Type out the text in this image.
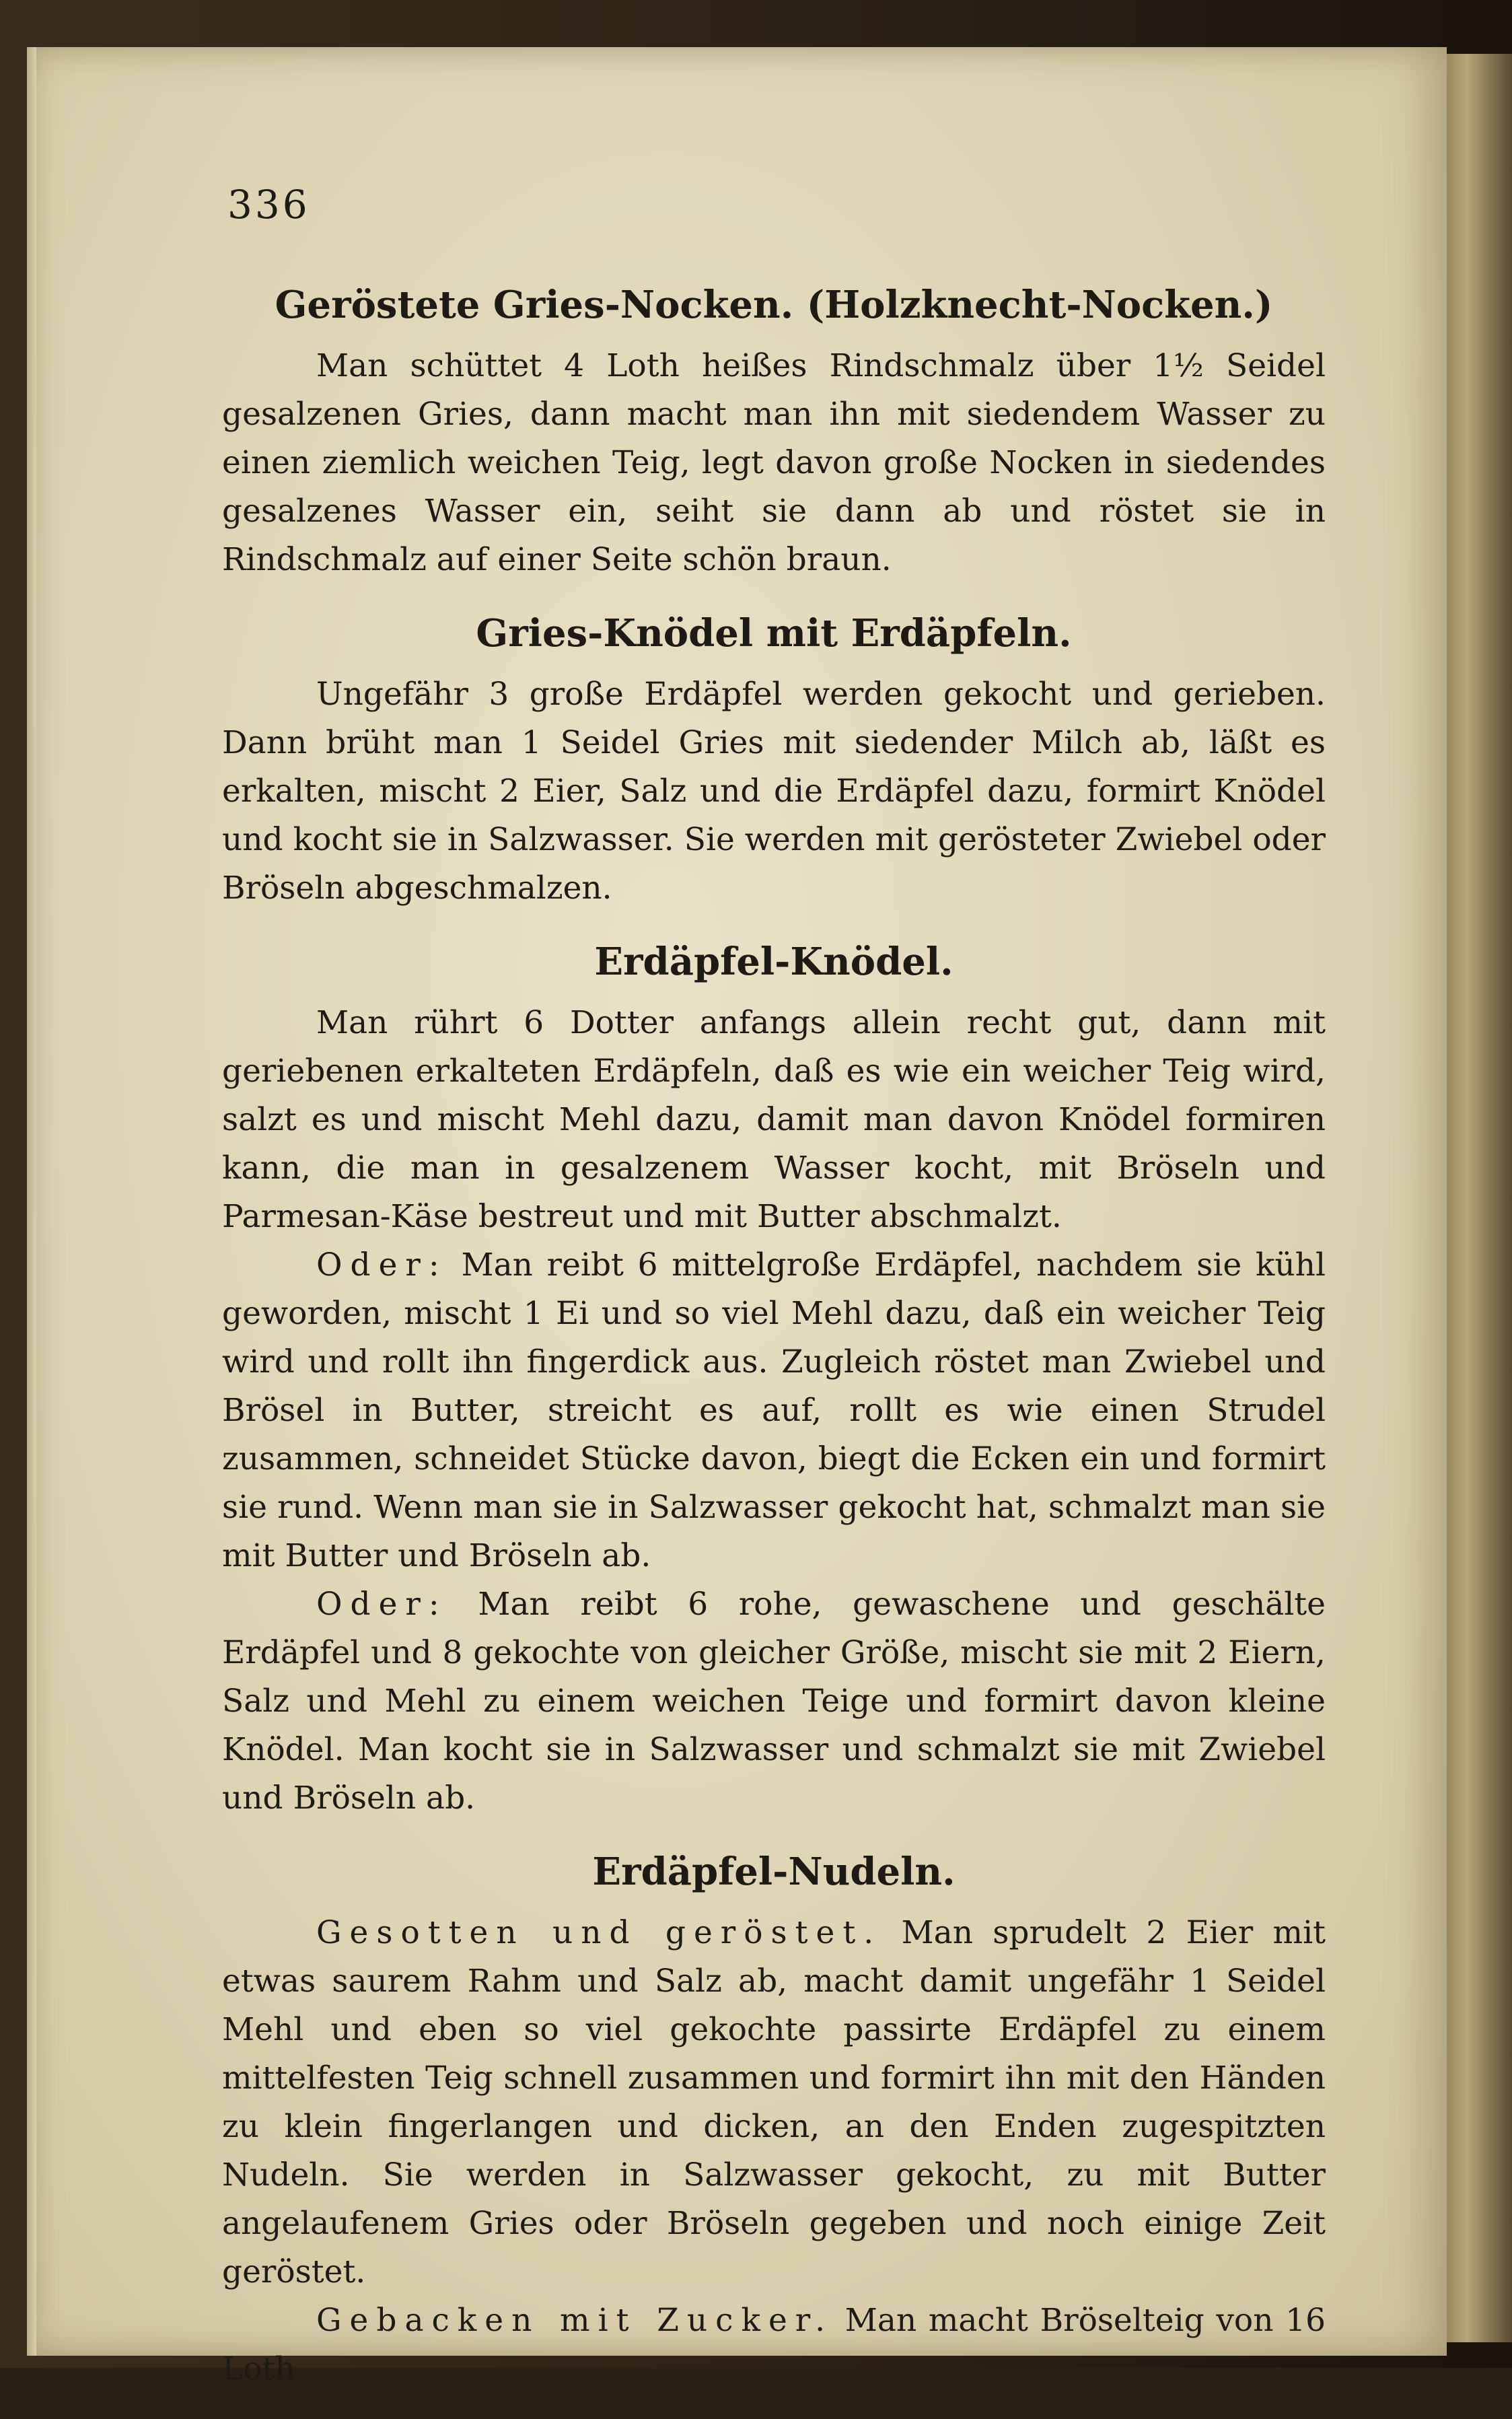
336
Geröstete Gries-Nocken. (Holzknecht-Nocken.)

Man schüttet 4 Loth heißes Rindschmalz über 1½ Seidel gesalzenen Gries, dann macht man ihn mit siedendem Wasser zu einen ziemlich weichen Teig, legt davon große Nocken in siedendes gesalzenes Wasser ein, seiht sie dann ab und röstet sie in Rindschmalz auf einer Seite schön braun.

Gries-Knödel mit Erdäpfeln.

Ungefähr 3 große Erdäpfel werden gekocht und gerieben. Dann brüht man 1 Seidel Gries mit siedender Milch ab, läßt es erkalten, mischt 2 Eier, Salz und die Erdäpfel dazu, formirt Knödel und kocht sie in Salzwasser. Sie werden mit gerösteter Zwiebel oder Bröseln abgeschmalzen.

Erdäpfel-Knödel.

Man rührt 6 Dotter anfangs allein recht gut, dann mit geriebenen erkalteten Erdäpfeln, daß es wie ein weicher Teig wird, salzt es und mischt Mehl dazu, damit man davon Knödel formiren kann, die man in gesalzenem Wasser kocht, mit Bröseln und Parmesan-Käse bestreut und mit Butter abschmalzt.

Oder: Man reibt 6 mittelgroße Erdäpfel, nachdem sie kühl geworden, mischt 1 Ei und so viel Mehl dazu, daß ein weicher Teig wird und rollt ihn fingerdick aus. Zugleich röstet man Zwiebel und Brösel in Butter, streicht es auf, rollt es wie einen Strudel zusammen, schneidet Stücke davon, biegt die Ecken ein und formirt sie rund. Wenn man sie in Salzwasser gekocht hat, schmalzt man sie mit Butter und Bröseln ab.

Oder: Man reibt 6 rohe, gewaschene und geschälte Erdäpfel und 8 gekochte von gleicher Größe, mischt sie mit 2 Eiern, Salz und Mehl zu einem weichen Teige und formirt davon kleine Knödel. Man kocht sie in Salzwasser und schmalzt sie mit Zwiebel und Bröseln ab.

Erdäpfel-Nudeln.

Gesotten und geröstet. Man sprudelt 2 Eier mit etwas saurem Rahm und Salz ab, macht damit ungefähr 1 Seidel Mehl und eben so viel gekochte passirte Erdäpfel zu einem mittelfesten Teig schnell zusammen und formirt ihn mit den Händen zu klein fingerlangen und dicken, an den Enden zugespitzten Nudeln. Sie werden in Salzwasser gekocht, zu mit Butter angelaufenem Gries oder Bröseln gegeben und noch einige Zeit geröstet.

Gebacken mit Zucker. Man macht Bröselteig von 16 Loth
